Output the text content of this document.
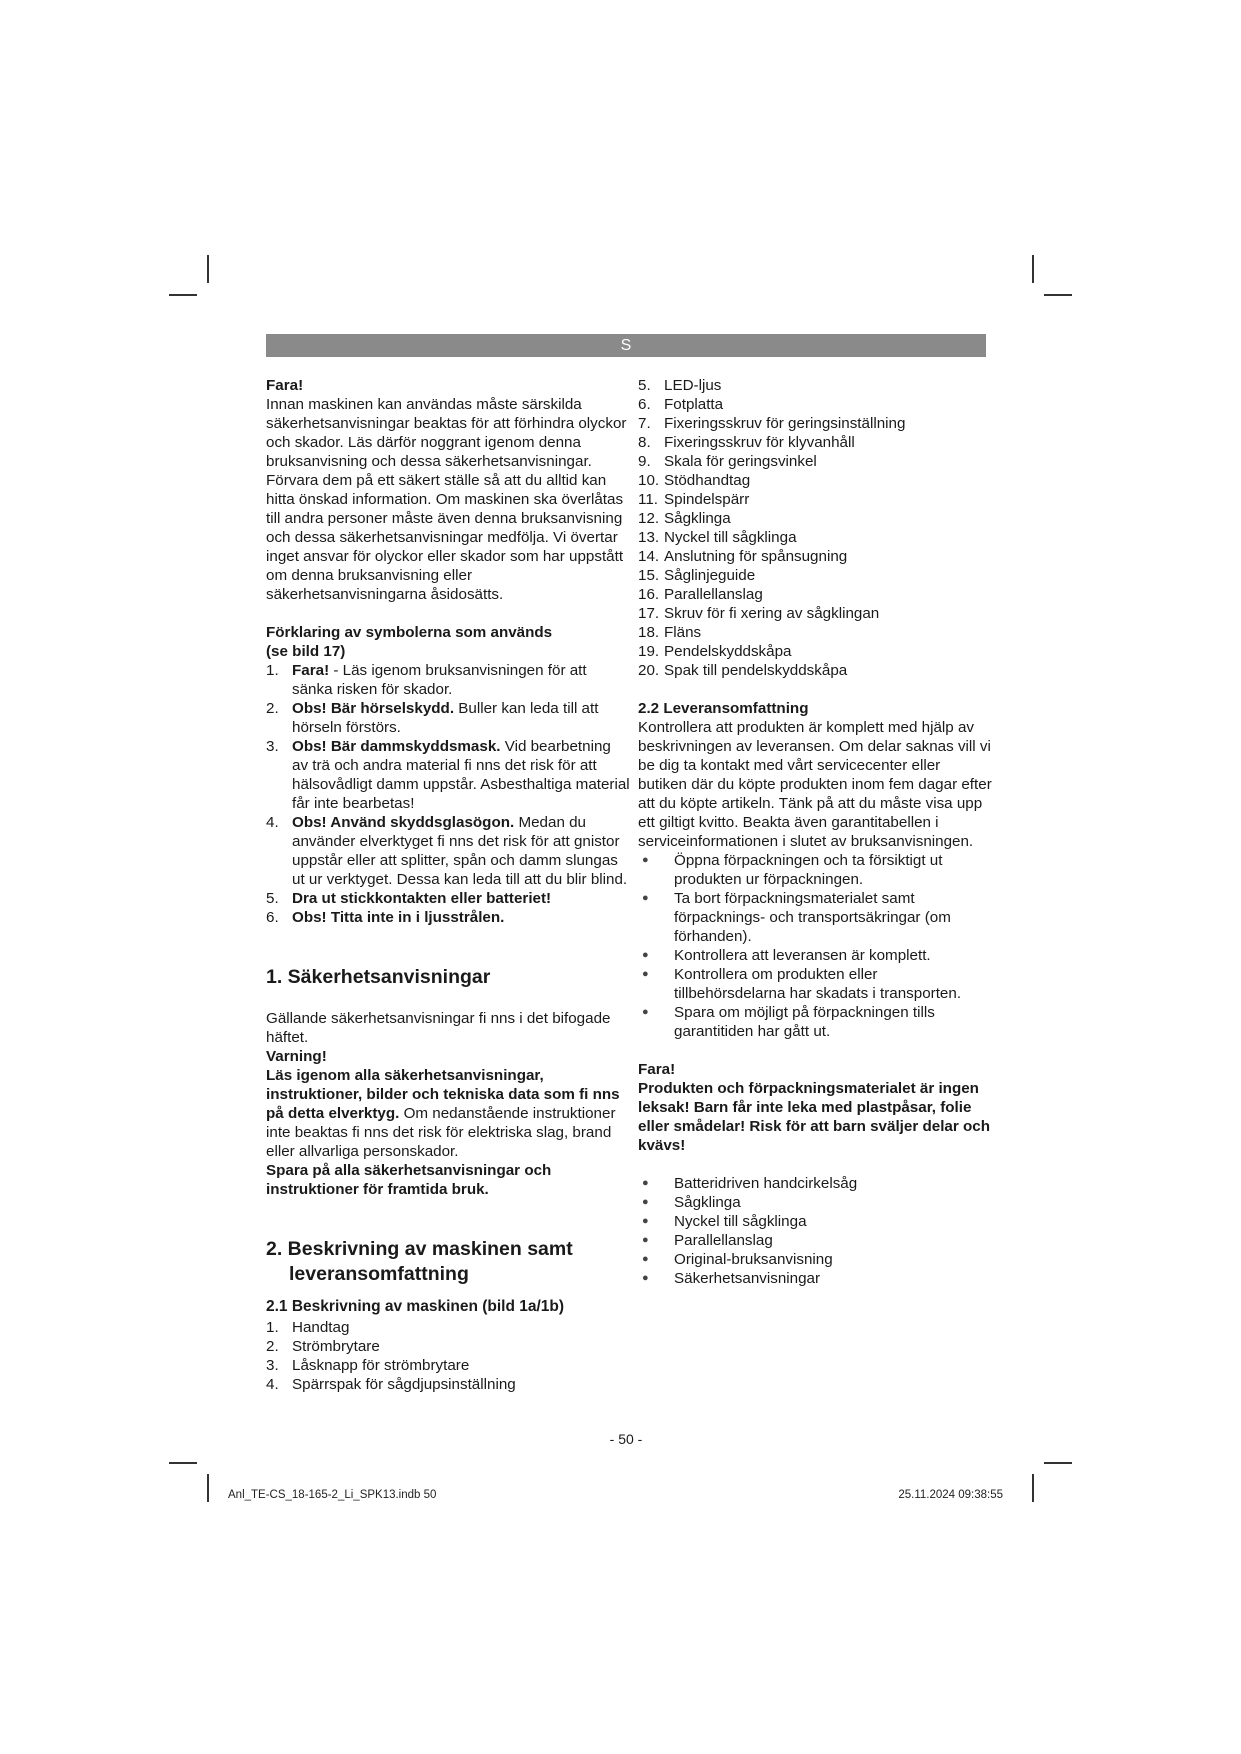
S

Fara!

Innan maskinen kan användas måste särskilda säkerhetsanvisningar beaktas för att förhindra olyckor och skador. Läs därför noggrant igenom denna bruksanvisning och dessa säkerhetsanvisningar. Förvara dem på ett säkert ställe så att du alltid kan hitta önskad information. Om maskinen ska överlåtas till andra personer måste även denna bruksanvisning och dessa säkerhetsanvisningar medfölja. Vi övertar inget ansvar för olyckor eller skador som har uppstått om denna bruksanvisning eller säkerhetsanvisningarna åsidosätts.

Förklaring av symbolerna som används

(se bild 17)

1. Fara! - Läs igenom bruksanvisningen för att sänka risken för skador.
2. Obs! Bär hörselskydd. Buller kan leda till att hörseln förstörs.
3. Obs! Bär dammskyddsmask. Vid bearbetning av trä och andra material fi nns det risk för att hälsovådligt damm uppstår. Asbesthaltiga material får inte bearbetas!
4. Obs! Använd skyddsglasögon. Medan du använder elverktyget fi nns det risk för att gnistor uppstår eller att splitter, spån och damm slungas ut ur verktyget. Dessa kan leda till att du blir blind.
5. Dra ut stickkontakten eller batteriet!
6. Obs! Titta inte in i ljusstrålen.

1. Säkerhetsanvisningar

Gällande säkerhetsanvisningar fi nns i det bifogade häftet.

Varning!

Läs igenom alla säkerhetsanvisningar, instruktioner, bilder och tekniska data som fi nns på detta elverktyg. Om nedanstående instruktioner inte beaktas fi nns det risk för elektriska slag, brand eller allvarliga personskador.

Spara på alla säkerhetsanvisningar och instruktioner för framtida bruk.

2. Beskrivning av maskinen samt

leveransomfattning

2.1 Beskrivning av maskinen (bild 1a/1b)

1. Handtag
2. Strömbrytare
3. Låsknapp för strömbrytare
4. Spärrspak för sågdjupsinställning
5. LED-ljus
6. Fotplatta
7. Fixeringsskruv för geringsinställning
8. Fixeringsskruv för klyvanhåll
9. Skala för geringsvinkel
10. Stödhandtag
11. Spindelspärr
12. Sågklinga
13. Nyckel till sågklinga
14. Anslutning för spånsugning
15. Såglinjeguide
16. Parallellanslag
17. Skruv för fi xering av sågklingan
18. Fläns
19. Pendelskyddskåpa
20. Spak till pendelskyddskåpa

2.2 Leveransomfattning

Kontrollera att produkten är komplett med hjälp av beskrivningen av leveransen. Om delar saknas vill vi be dig ta kontakt med vårt servicecenter eller butiken där du köpte produkten inom fem dagar efter att du köpte artikeln. Tänk på att du måste visa upp ett giltigt kvitto. Beakta även garantitabellen i serviceinformationen i slutet av bruksanvisningen.

●	Öppna förpackningen och ta försiktigt ut produkten ur förpackningen.
●	Ta bort förpackningsmaterialet samt förpacknings- och transportsäkringar (om förhanden).
●	Kontrollera att leveransen är komplett.
●	Kontrollera om produkten eller tillbehörsdelarna har skadats i transporten.
●	Spara om möjligt på förpackningen tills garantitiden har gått ut.

Fara!

Produkten och förpackningsmaterialet är ingen leksak! Barn får inte leka med plastpåsar, folie eller smådelar! Risk för att barn sväljer delar och kvävs!

●	Batteridriven handcirkelsåg
●	Sågklinga
●	Nyckel till sågklinga
●	Parallellanslag
●	Original-bruksanvisning
●	Säkerhetsanvisningar
- 50 -
Anl_TE-CS_18-165-2_Li_SPK13.indb 50	25.11.2024 09:38:55
